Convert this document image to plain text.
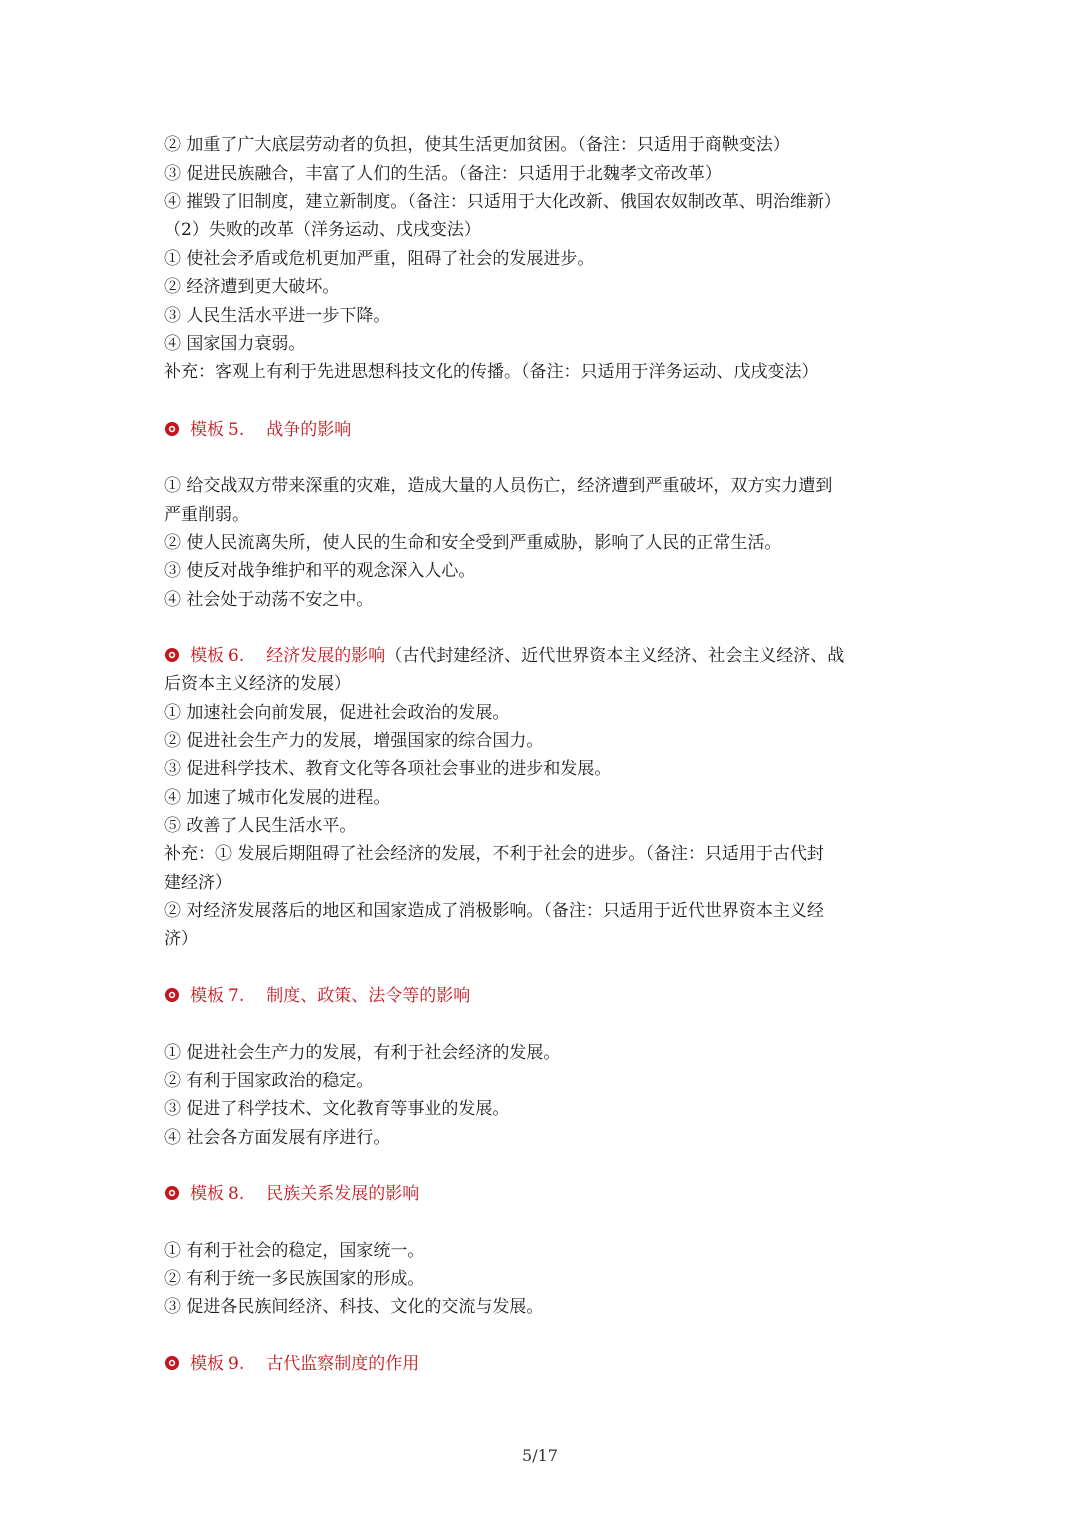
② 加重了广大底层劳动者的负担，使其生活更加贫困。（备注：只适用于商鞅变法）
③ 促进民族融合，丰富了人们的生活。（备注：只适用于北魏孝文帝改革）
④ 摧毁了旧制度，建立新制度。（备注：只适用于大化改新、俄国农奴制改革、明治维新）
（2）失败的改革（洋务运动、戊戌变法）
① 使社会矛盾或危机更加严重，阻碍了社会的发展进步。
② 经济遭到更大破坏。
③ 人民生活水平进一步下降。
④ 国家国力衰弱。
补充：客观上有利于先进思想科技文化的传播。（备注：只适用于洋务运动、戊戌变法）
模板 5. 战争的影响
① 给交战双方带来深重的灾难，造成大量的人员伤亡，经济遭到严重破坏，双方实力遭到
严重削弱。
② 使人民流离失所，使人民的生命和安全受到严重威胁，影响了人民的正常生活。
③ 使反对战争维护和平的观念深入人心。
④ 社会处于动荡不安之中。
模板 6. 经济发展的影响（古代封建经济、近代世界资本主义经济、社会主义经济、战
后资本主义经济的发展）
① 加速社会向前发展，促进社会政治的发展。
② 促进社会生产力的发展，增强国家的综合国力。
③ 促进科学技术、教育文化等各项社会事业的进步和发展。
④ 加速了城市化发展的进程。
⑤ 改善了人民生活水平。
补充：① 发展后期阻碍了社会经济的发展，不利于社会的进步。（备注：只适用于古代封
建经济）
② 对经济发展落后的地区和国家造成了消极影响。（备注：只适用于近代世界资本主义经
济）
模板 7. 制度、政策、法令等的影响
① 促进社会生产力的发展，有利于社会经济的发展。
② 有利于国家政治的稳定。
③ 促进了科学技术、文化教育等事业的发展。
④ 社会各方面发展有序进行。
模板 8. 民族关系发展的影响
① 有利于社会的稳定，国家统一。
② 有利于统一多民族国家的形成。
③ 促进各民族间经济、科技、文化的交流与发展。
模板 9. 古代监察制度的作用
5/17
